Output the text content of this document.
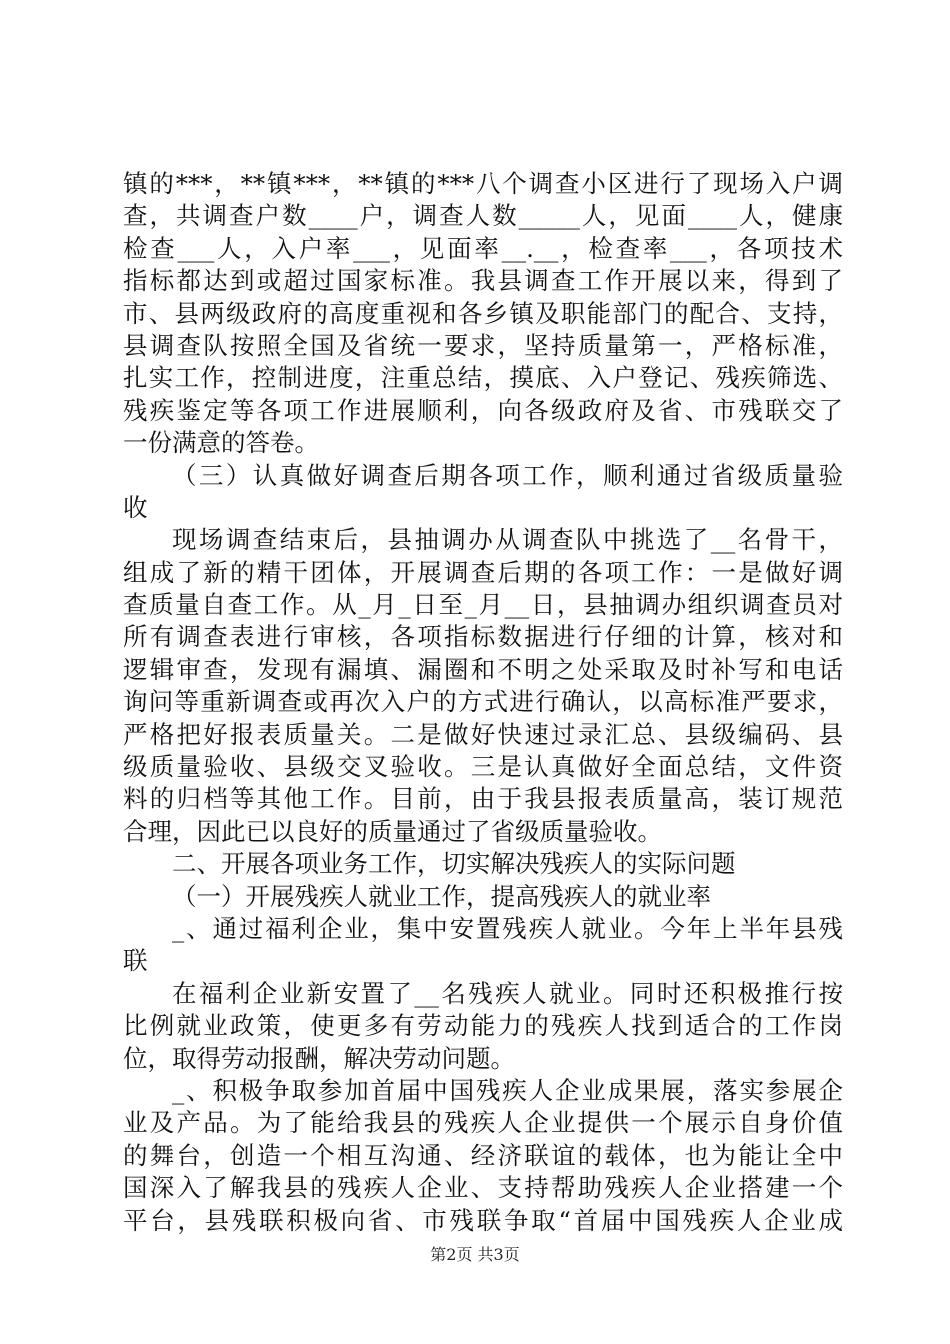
镇的***，**镇***，**镇的***八个调查小区进行了现场入户调
查，共调查户数____户，调查人数_____人，见面____人，健康
检查___人，入户率___，见面率__.__，检查率___，各项技术
指标都达到或超过国家标准。我县调查工作开展以来，得到了
市、县两级政府的高度重视和各乡镇及职能部门的配合、支持，
县调查队按照全国及省统一要求，坚持质量第一，严格标准，
扎实工作，控制进度，注重总结，摸底、入户登记、残疾筛选、
残疾鉴定等各项工作进展顺利，向各级政府及省、市残联交了
一份满意的答卷。
（三）认真做好调查后期各项工作，顺利通过省级质量验
收
现场调查结束后，县抽调办从调查队中挑选了__名骨干，
组成了新的精干团体，开展调查后期的各项工作：一是做好调
查质量自查工作。从_月_日至_月__日，县抽调办组织调查员对
所有调查表进行审核，各项指标数据进行仔细的计算，核对和
逻辑审查，发现有漏填、漏圈和不明之处采取及时补写和电话
询问等重新调查或再次入户的方式进行确认，以高标准严要求，
严格把好报表质量关。二是做好快速过录汇总、县级编码、县
级质量验收、县级交叉验收。三是认真做好全面总结，文件资
料的归档等其他工作。目前，由于我县报表质量高，装订规范
合理，因此已以良好的质量通过了省级质量验收。
二、开展各项业务工作，切实解决残疾人的实际问题
（一）开展残疾人就业工作，提高残疾人的就业率
_、通过福利企业，集中安置残疾人就业。今年上半年县残
联
在福利企业新安置了__名残疾人就业。同时还积极推行按
比例就业政策，使更多有劳动能力的残疾人找到适合的工作岗
位，取得劳动报酬，解决劳动问题。
_、积极争取参加首届中国残疾人企业成果展，落实参展企
业及产品。为了能给我县的残疾人企业提供一个展示自身价值
的舞台，创造一个相互沟通、经济联谊的载体，也为能让全中
国深入了解我县的残疾人企业、支持帮助残疾人企业搭建一个
平台，县残联积极向省、市残联争取“首届中国残疾人企业成
第2页 共3页
